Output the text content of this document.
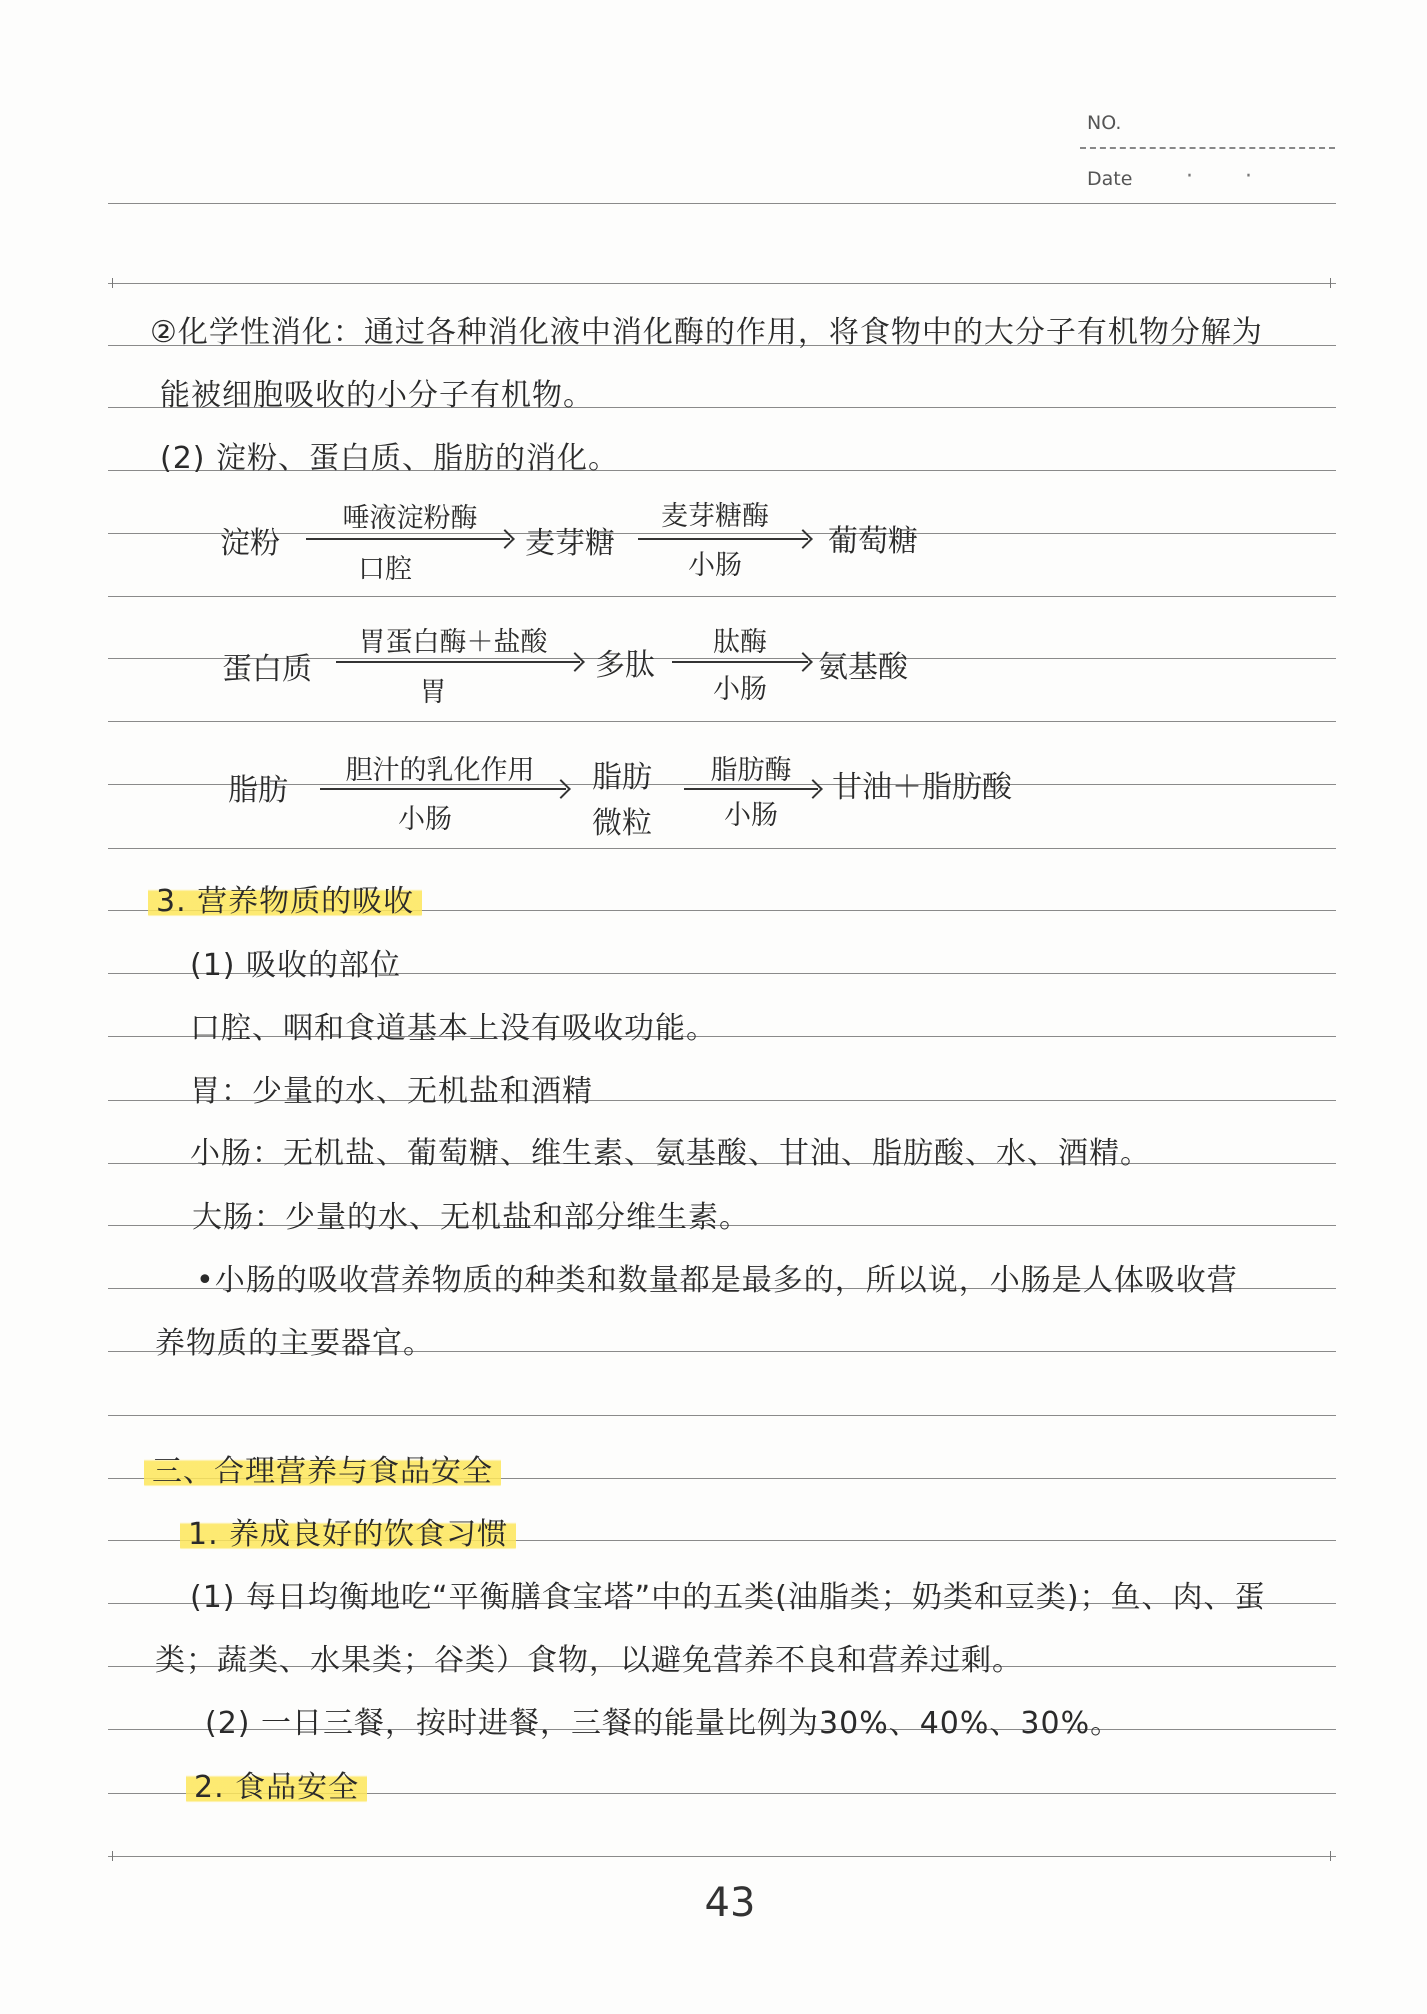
NO.
Date · ·
②化学性消化：通过各种消化液中消化酶的作用，将食物中的大分子有机物分解为
能被细胞吸收的小分子有机物。
(2) 淀粉、蛋白质、脂肪的消化。
淀粉
唾液淀粉酶
口腔
麦芽糖
麦芽糖酶
小肠
葡萄糖
蛋白质
胃蛋白酶＋盐酸
胃
多肽
肽酶
小肠
氨基酸
脂肪
胆汁的乳化作用
小肠
脂肪
微粒
脂肪酶
小肠
甘油＋脂肪酸
3. 营养物质的吸收
(1) 吸收的部位
口腔、咽和食道基本上没有吸收功能。
胃：少量的水、无机盐和酒精
小肠：无机盐、葡萄糖、维生素、氨基酸、甘油、脂肪酸、水、酒精。
大肠：少量的水、无机盐和部分维生素。
•小肠的吸收营养物质的种类和数量都是最多的，所以说，小肠是人体吸收营
养物质的主要器官。
三、合理营养与食品安全
1. 养成良好的饮食习惯
(1) 每日均衡地吃“平衡膳食宝塔”中的五类(油脂类；奶类和豆类)；鱼、肉、蛋
类；蔬类、水果类；谷类）食物，以避免营养不良和营养过剩。
(2) 一日三餐，按时进餐，三餐的能量比例为30%、40%、30%。
2. 食品安全
43
